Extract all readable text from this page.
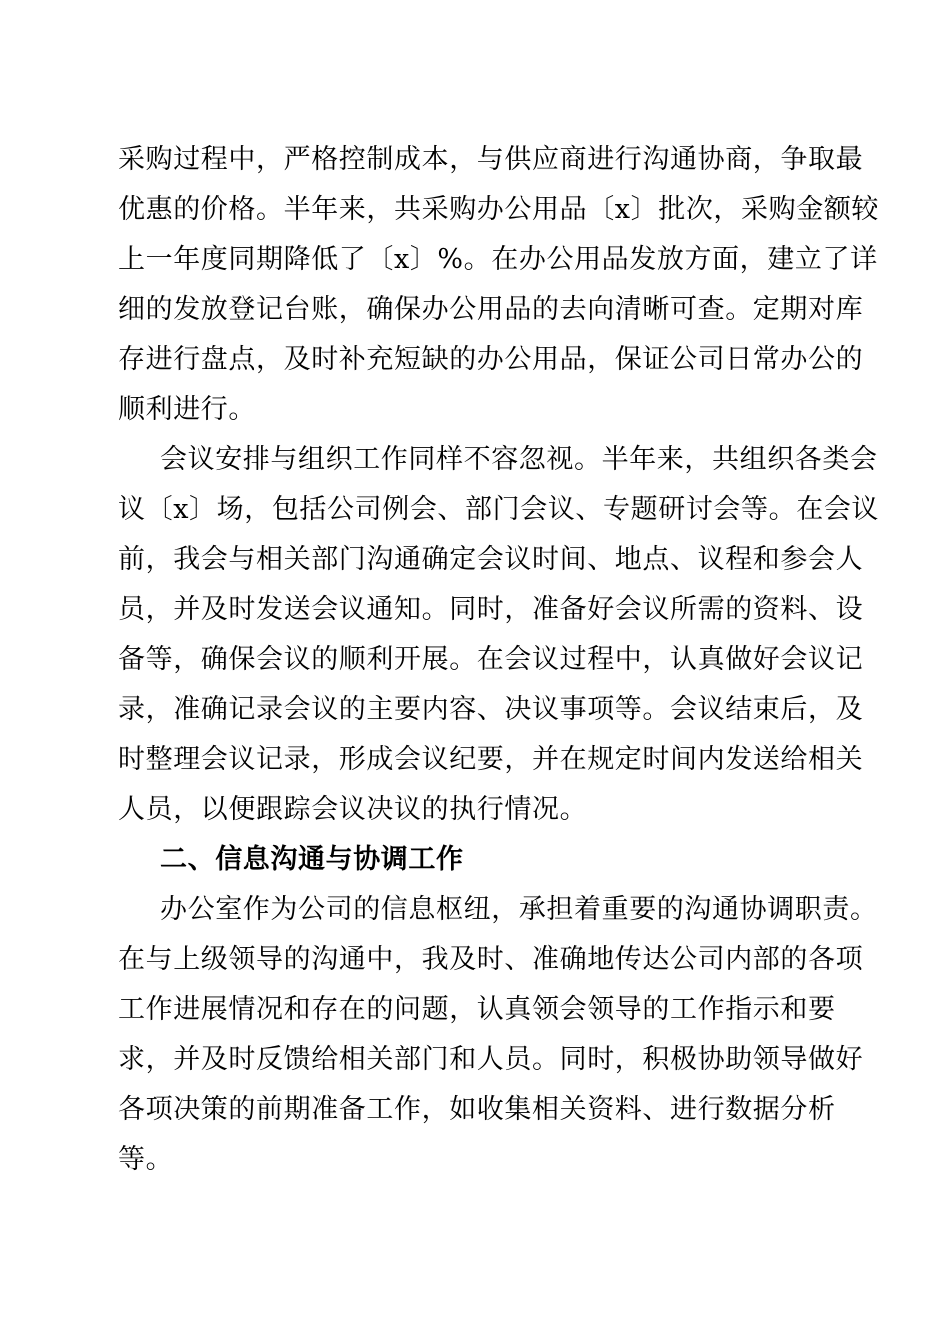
采购过程中，严格控制成本，与供应商进行沟通协商，争取最

优惠的价格。半年来，共采购办公用品〔x〕批次，采购金额较

上一年度同期降低了〔x〕%。在办公用品发放方面，建立了详

细的发放登记台账，确保办公用品的去向清晰可查。定期对库

存进行盘点，及时补充短缺的办公用品，保证公司日常办公的

顺利进行。

会议安排与组织工作同样不容忽视。半年来，共组织各类会

议〔x〕场，包括公司例会、部门会议、专题研讨会等。在会议

前，我会与相关部门沟通确定会议时间、地点、议程和参会人

员，并及时发送会议通知。同时，准备好会议所需的资料、设

备等，确保会议的顺利开展。在会议过程中，认真做好会议记

录，准确记录会议的主要内容、决议事项等。会议结束后，及

时整理会议记录，形成会议纪要，并在规定时间内发送给相关

人员，以便跟踪会议决议的执行情况。

二、信息沟通与协调工作

办公室作为公司的信息枢纽，承担着重要的沟通协调职责。

在与上级领导的沟通中，我及时、准确地传达公司内部的各项

工作进展情况和存在的问题，认真领会领导的工作指示和要

求，并及时反馈给相关部门和人员。同时，积极协助领导做好

各项决策的前期准备工作，如收集相关资料、进行数据分析

等。
